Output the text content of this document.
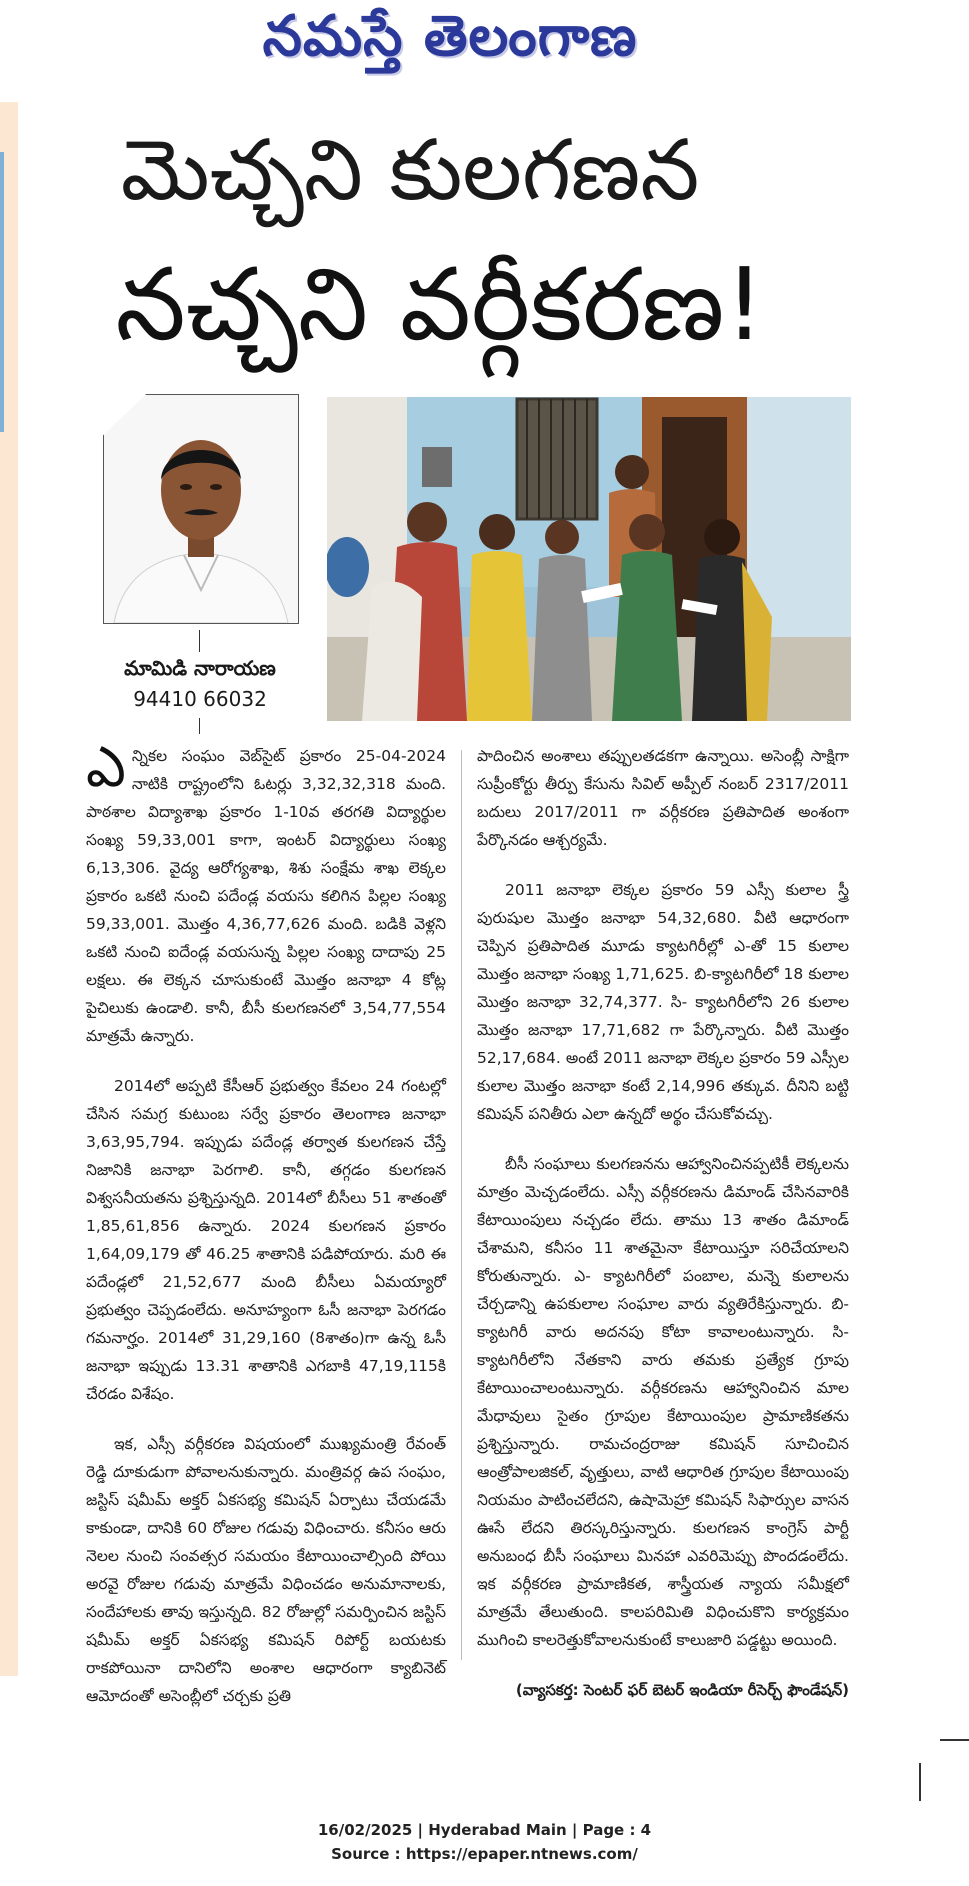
నమస్తే తెలంగాణ
మెచ్చని కులగణన
నచ్చని వర్గీకరణ!
మామిడి నారాయణ
94410 66032

ఎన్నికల సంఘం వెబ్‌సైట్ ప్రకారం 25-04-2024 నాటికి రాష్ట్రంలోని ఓటర్లు 3,32,32,318 మంది. పాఠశాల విద్యాశాఖ ప్రకారం 1-10వ తరగతి విద్యార్థుల సంఖ్య 59,33,001 కాగా, ఇంటర్ విద్యార్థులు సంఖ్య 6,13,306. వైద్య ఆరోగ్యశాఖ, శిశు సంక్షేమ శాఖ లెక్కల ప్రకారం ఒకటి నుంచి పదేండ్ల వయసు కలిగిన పిల్లల సంఖ్య 59,33,001. మొత్తం 4,36,77,626 మంది. బడికి వెళ్లని ఒకటి నుంచి ఐదేండ్ల వయసున్న పిల్లల సంఖ్య దాదాపు 25 లక్షలు. ఈ లెక్కన చూసుకుంటే మొత్తం జనాభా 4 కోట్ల పైచిలుకు ఉండాలి. కానీ, బీసీ కులగణనలో 3,54,77,554 మాత్రమే ఉన్నారు.

2014లో అప్పటి కేసీఆర్ ప్రభుత్వం కేవలం 24 గంటల్లో చేసిన సమగ్ర కుటుంబ సర్వే ప్రకారం తెలంగాణ జనాభా 3,63,95,794. ఇప్పుడు పదేండ్ల తర్వాత కులగణన చేస్తే నిజానికి జనాభా పెరగాలి. కానీ, తగ్గడం కులగణన విశ్వసనీయతను ప్రశ్నిస్తున్నది. 2014లో బీసీలు 51 శాతంతో 1,85,61,856 ఉన్నారు. 2024 కులగణన ప్రకారం 1,64,09,179 తో 46.25 శాతానికి పడిపోయారు. మరి ఈ పదేండ్లలో 21,52,677 మంది బీసీలు ఏమయ్యారో ప్రభుత్వం చెప్పడంలేదు. అనూహ్యంగా ఓసీ జనాభా పెరగడం గమనార్హం. 2014లో 31,29,160 (8శాతం)గా ఉన్న ఓసీ జనాభా ఇప్పుడు 13.31 శాతానికి ఎగబాకి 47,19,115కి చేరడం విశేషం.

ఇక, ఎస్సీ వర్గీకరణ విషయంలో ముఖ్యమంత్రి రేవంత్ రెడ్డి దూకుడుగా పోవాలనుకున్నారు. మంత్రివర్గ ఉప సంఘం, జస్టిస్ షమీమ్ అక్తర్ ఏకసభ్య కమిషన్ ఏర్పాటు చేయడమే కాకుండా, దానికి 60 రోజుల గడువు విధించారు. కనీసం ఆరు నెలల నుంచి సంవత్సర సమయం కేటాయించాల్సింది పోయి అరవై రోజుల గడువు మాత్రమే విధించడం అనుమానాలకు, సందేహాలకు తావు ఇస్తున్నది. 82 రోజుల్లో సమర్పించిన జస్టిస్ షమీమ్ అక్తర్ ఏకసభ్య కమిషన్ రిపోర్ట్ బయటకు రాకపోయినా దానిలోని అంశాల ఆధారంగా క్యాబినెట్ ఆమోదంతో అసెంబ్లీలో చర్చకు ప్రతి

పాదించిన అంశాలు తప్పులతడకగా ఉన్నాయి. అసెంబ్లీ సాక్షిగా సుప్రీంకోర్టు తీర్పు కేసును సివిల్ అప్పీల్ నంబర్ 2317/2011 బదులు 2017/2011 గా వర్గీకరణ ప్రతిపాదిత అంశంగా పేర్కొనడం ఆశ్చర్యమే.

2011 జనాభా లెక్కల ప్రకారం 59 ఎస్సీ కులాల స్త్రీ పురుషుల మొత్తం జనాభా 54,32,680. వీటి ఆధారంగా చెప్పిన ప్రతిపాదిత మూడు క్యాటగిరీల్లో ఎ-తో 15 కులాల మొత్తం జనాభా సంఖ్య 1,71,625. బి-క్యాటగిరీలో 18 కులాల మొత్తం జనాభా 32,74,377. సి- క్యాటగిరీలోని 26 కులాల మొత్తం జనాభా 17,71,682 గా పేర్కొన్నారు. వీటి మొత్తం 52,17,684. అంటే 2011 జనాభా లెక్కల ప్రకారం 59 ఎస్సీల కులాల మొత్తం జనాభా కంటే 2,14,996 తక్కువ. దీనిని బట్టి కమిషన్ పనితీరు ఎలా ఉన్నదో అర్థం చేసుకోవచ్చు.

బీసీ సంఘాలు కులగణనను ఆహ్వానించినప్పటికీ లెక్కలను మాత్రం మెచ్చడంలేదు. ఎస్సీ వర్గీకరణను డిమాండ్ చేసినవారికి కేటాయింపులు నచ్చడం లేదు. తాము 13 శాతం డిమాండ్ చేశామని, కనీసం 11 శాతమైనా కేటాయిస్తూ సరిచేయాలని కోరుతున్నారు. ఎ- క్యాటగిరీలో పంబాల, మన్నె కులాలను చేర్చడాన్ని ఉపకులాల సంఘాల వారు వ్యతిరేకిస్తున్నారు. బి-క్యాటగిరీ వారు అదనపు కోటా కావాలంటున్నారు. సి- క్యాటగిరీలోని నేతకాని వారు తమకు ప్రత్యేక గ్రూపు కేటాయించాలంటున్నారు. వర్గీకరణను ఆహ్వానించిన మాల మేధావులు సైతం గ్రూపుల కేటాయింపుల ప్రామాణికతను ప్రశ్నిస్తున్నారు. రామచంద్రరాజు కమిషన్ సూచించిన ఆంత్రోపాలజికల్, వృత్తులు, వాటి ఆధారిత గ్రూపుల కేటాయింపు నియమం పాటించలేదని, ఉషామెహ్రా కమిషన్ సిఫార్సుల వాసన ఊసే లేదని తిరస్కరిస్తున్నారు. కులగణన కాంగ్రెస్ పార్టీ అనుబంధ బీసీ సంఘాలు మినహా ఎవరిమెప్పు పొందడంలేదు. ఇక వర్గీకరణ ప్రామాణికత, శాస్త్రీయత న్యాయ సమీక్షలో మాత్రమే తేలుతుంది. కాలపరిమితి విధించుకొని కార్యక్రమం ముగించి కాలరెత్తుకోవాలనుకుంటే కాలుజారి పడ్డట్టు అయింది.

(వ్యాసకర్త: సెంటర్ ఫర్ బెటర్ ఇండియా రీసెర్చ్ ఫౌండేషన్)
16/02/2025 | Hyderabad Main | Page : 4
Source : https://epaper.ntnews.com/
